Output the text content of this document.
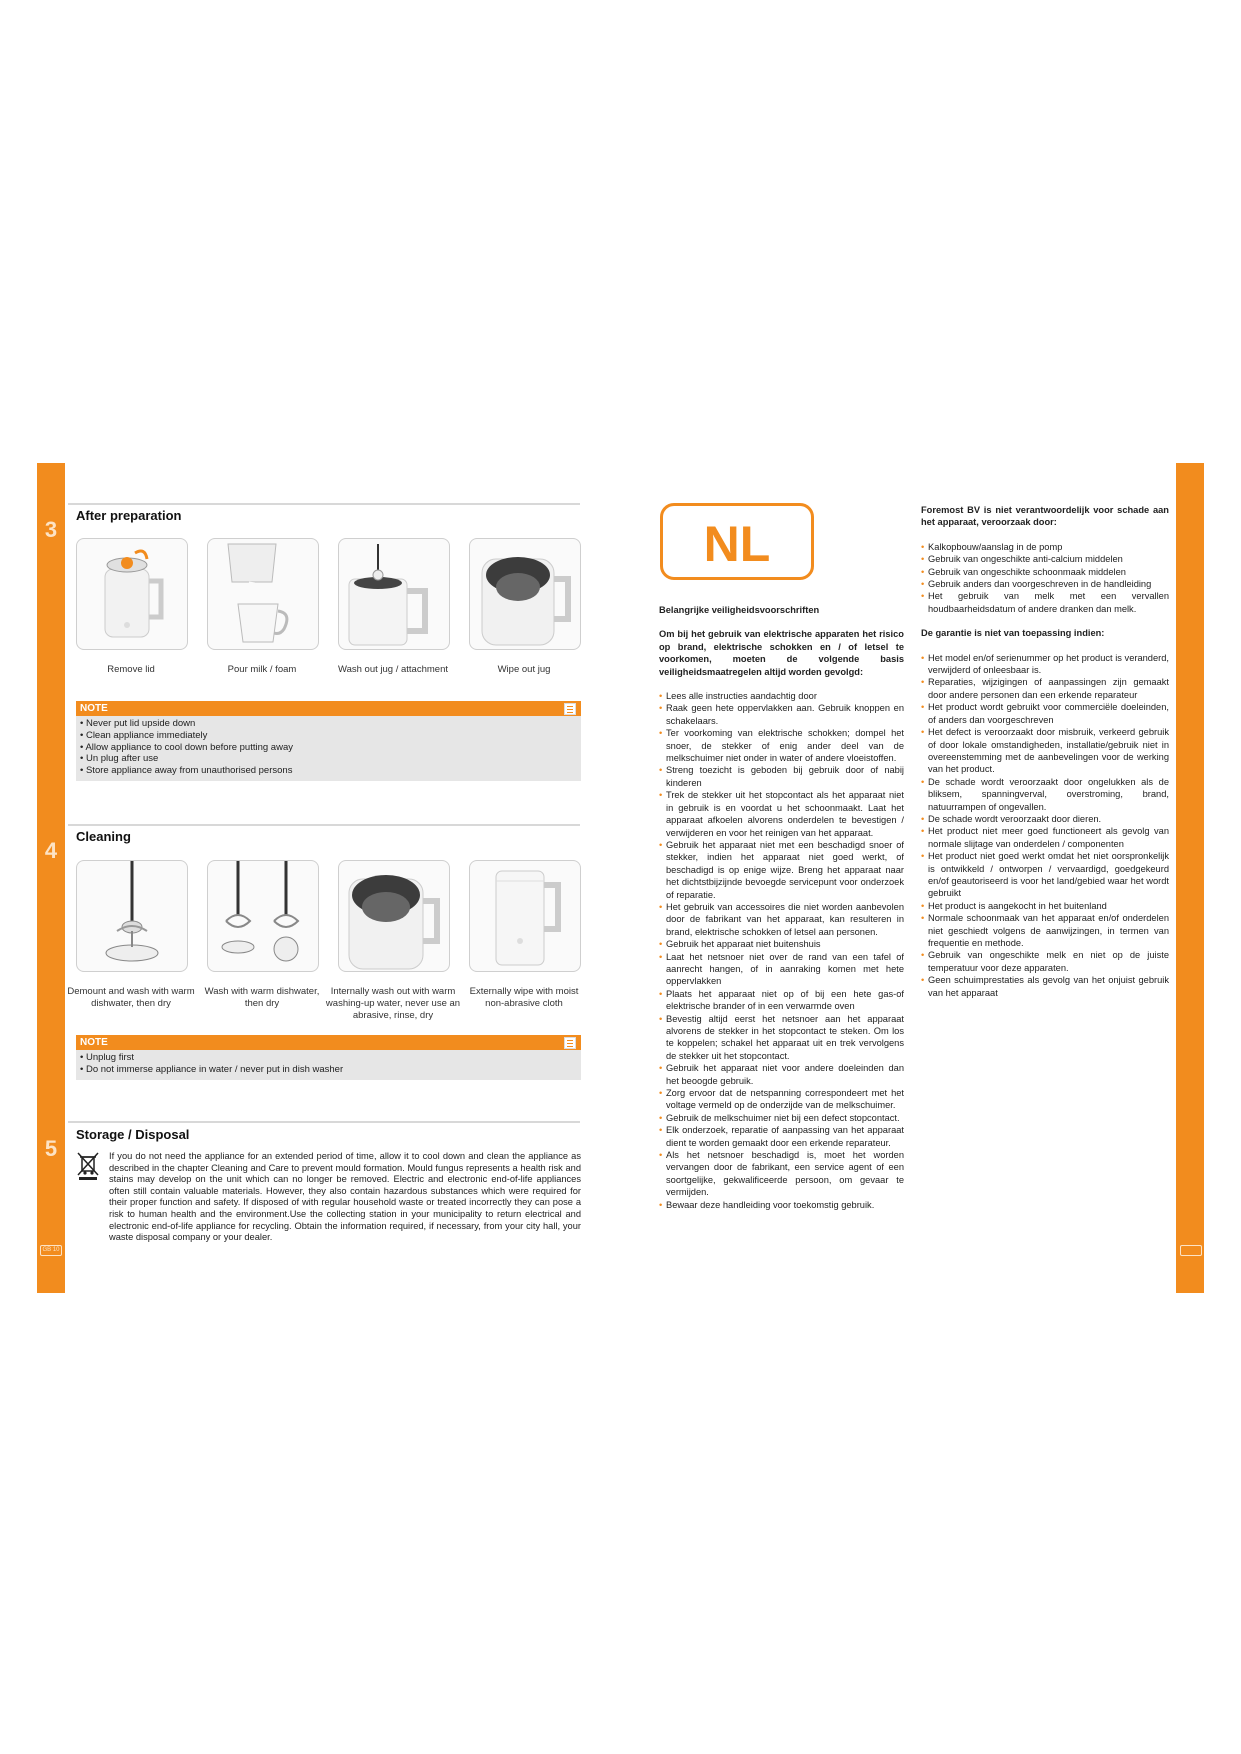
GB 10
3
After preparation
Remove lid	Pour milk / foam	Wash out jug / attachment	Wipe out jug
NOTE
• Never put lid upside down
• Clean appliance immediately
• Allow appliance to cool down before putting away
• Un plug after use
• Store appliance away from unauthorised persons
4
Cleaning
Demount and wash with warm dishwater, then dry
Wash with warm dishwater, then dry
Internally wash out with warm washing-up water, never use an abrasive, rinse, dry
Externally wipe with moist non-abrasive cloth
NOTE
• Unplug first
• Do not immerse appliance in water / never put in dish washer
5
Storage / Disposal
If you do not need the appliance for an extended period of time, allow it to cool down and clean the appliance as described in the chapter Cleaning and Care to prevent mould formation. Mould fungus represents a health risk and stains may develop on the unit which can no longer be removed. Electric and electronic end-of-life appliances often still contain valuable materials. However, they also contain hazardous substances which were required for their proper function and safety. If disposed of with regular household waste or treated incorrectly they can pose a risk to human health and the environment.Use the collecting station in your municipality to return electrical and electronic end-of-life appliance for recycling. Obtain the information required, if necessary, from your city hall, your waste disposal company or your dealer.
NL

Belangrijke veiligheidsvoorschriften

Om bij het gebruik van elektrische apparaten het risico op brand, elektrische schokken en / of letsel te voorkomen, moeten de volgende basis veiligheidsmaatregelen altijd worden gevolgd:

• Lees alle instructies aandachtig door
• Raak geen hete oppervlakken aan. Gebruik knoppen en schakelaars.
• Ter voorkoming van elektrische schokken; dompel het snoer, de stekker of enig ander deel van de melkschuimer niet onder in water of andere vloeistoffen.
• Streng toezicht is geboden bij gebruik door of nabij kinderen
• Trek de stekker uit het stopcontact als het apparaat niet in gebruik is en voordat u het schoonmaakt. Laat het apparaat afkoelen alvorens onderdelen te bevestigen / verwijderen en voor het reinigen van het apparaat.
• Gebruik het apparaat niet met een beschadigd snoer of stekker, indien het apparaat niet goed werkt, of beschadigd is op enige wijze. Breng het apparaat naar het dichtstbijzijnde bevoegde servicepunt voor onderzoek of reparatie.
• Het gebruik van accessoires die niet worden aanbevolen door de fabrikant van het apparaat, kan resulteren in brand, elektrische schokken of letsel aan personen.
• Gebruik het apparaat niet buitenshuis
• Laat het netsnoer niet over de rand van een tafel of aanrecht hangen, of in aanraking komen met hete oppervlakken
• Plaats het apparaat niet op of bij een hete gas-of elektrische brander of in een verwarmde oven
• Bevestig altijd eerst het netsnoer aan het apparaat alvorens de stekker in het stopcontact te steken. Om los te koppelen; schakel het apparaat uit en trek vervolgens de stekker uit het stopcontact.
• Gebruik het apparaat niet voor andere doeleinden dan het beoogde gebruik.
• Zorg ervoor dat de netspanning correspondeert met het voltage vermeld op de onderzijde van de melkschuimer.
• Gebruik de melkschuimer niet bij een defect stopcontact.
• Elk onderzoek, reparatie of aanpassing van het apparaat dient te worden gemaakt door een erkende reparateur.
• Als het netsnoer beschadigd is, moet het worden vervangen door de fabrikant, een service agent of een soortgelijke, gekwalificeerde persoon, om gevaar te vermijden.
• Bewaar deze handleiding voor toekomstig gebruik.

Foremost BV is niet verantwoordelijk voor schade aan het apparaat, veroorzaak door:

• Kalkopbouw/aanslag in de pomp
• Gebruik van ongeschikte anti-calcium middelen
• Gebruik van ongeschikte schoonmaak middelen
• Gebruik anders dan voorgeschreven in de handleiding
• Het gebruik van melk met een vervallen houdbaarheidsdatum of andere dranken dan melk.

De garantie is niet van toepassing indien:

• Het model en/of serienummer op het product is veranderd, verwijderd of onleesbaar is.
• Reparaties, wijzigingen of aanpassingen zijn gemaakt door andere personen dan een erkende reparateur
• Het product wordt gebruikt voor commerciële doeleinden, of anders dan voorgeschreven
• Het defect is veroorzaakt door misbruik, verkeerd gebruik of door lokale omstandigheden, installatie/gebruik niet in overeenstemming met de aanbevelingen voor de werking van het product.
• De schade wordt veroorzaakt door ongelukken als de bliksem, spanningverval, overstroming, brand, natuurrampen of ongevallen.
• De schade wordt veroorzaakt door dieren.
• Het product niet meer goed functioneert als gevolg van normale slijtage van onderdelen / componenten
• Het product niet goed werkt omdat het niet oorspronkelijk is ontwikkeld / ontworpen / vervaardigd, goedgekeurd en/of geautoriseerd is voor het land/gebied waar het wordt gebruikt
• Het product is aangekocht in het buitenland
• Normale schoonmaak van het apparaat en/of onderdelen niet geschiedt volgens de aanwijzingen, in termen van frequentie en methode.
• Gebruik van ongeschikte melk en niet op de juiste temperatuur voor deze apparaten.
• Geen schuimprestaties als gevolg van het onjuist gebruik van het apparaat
